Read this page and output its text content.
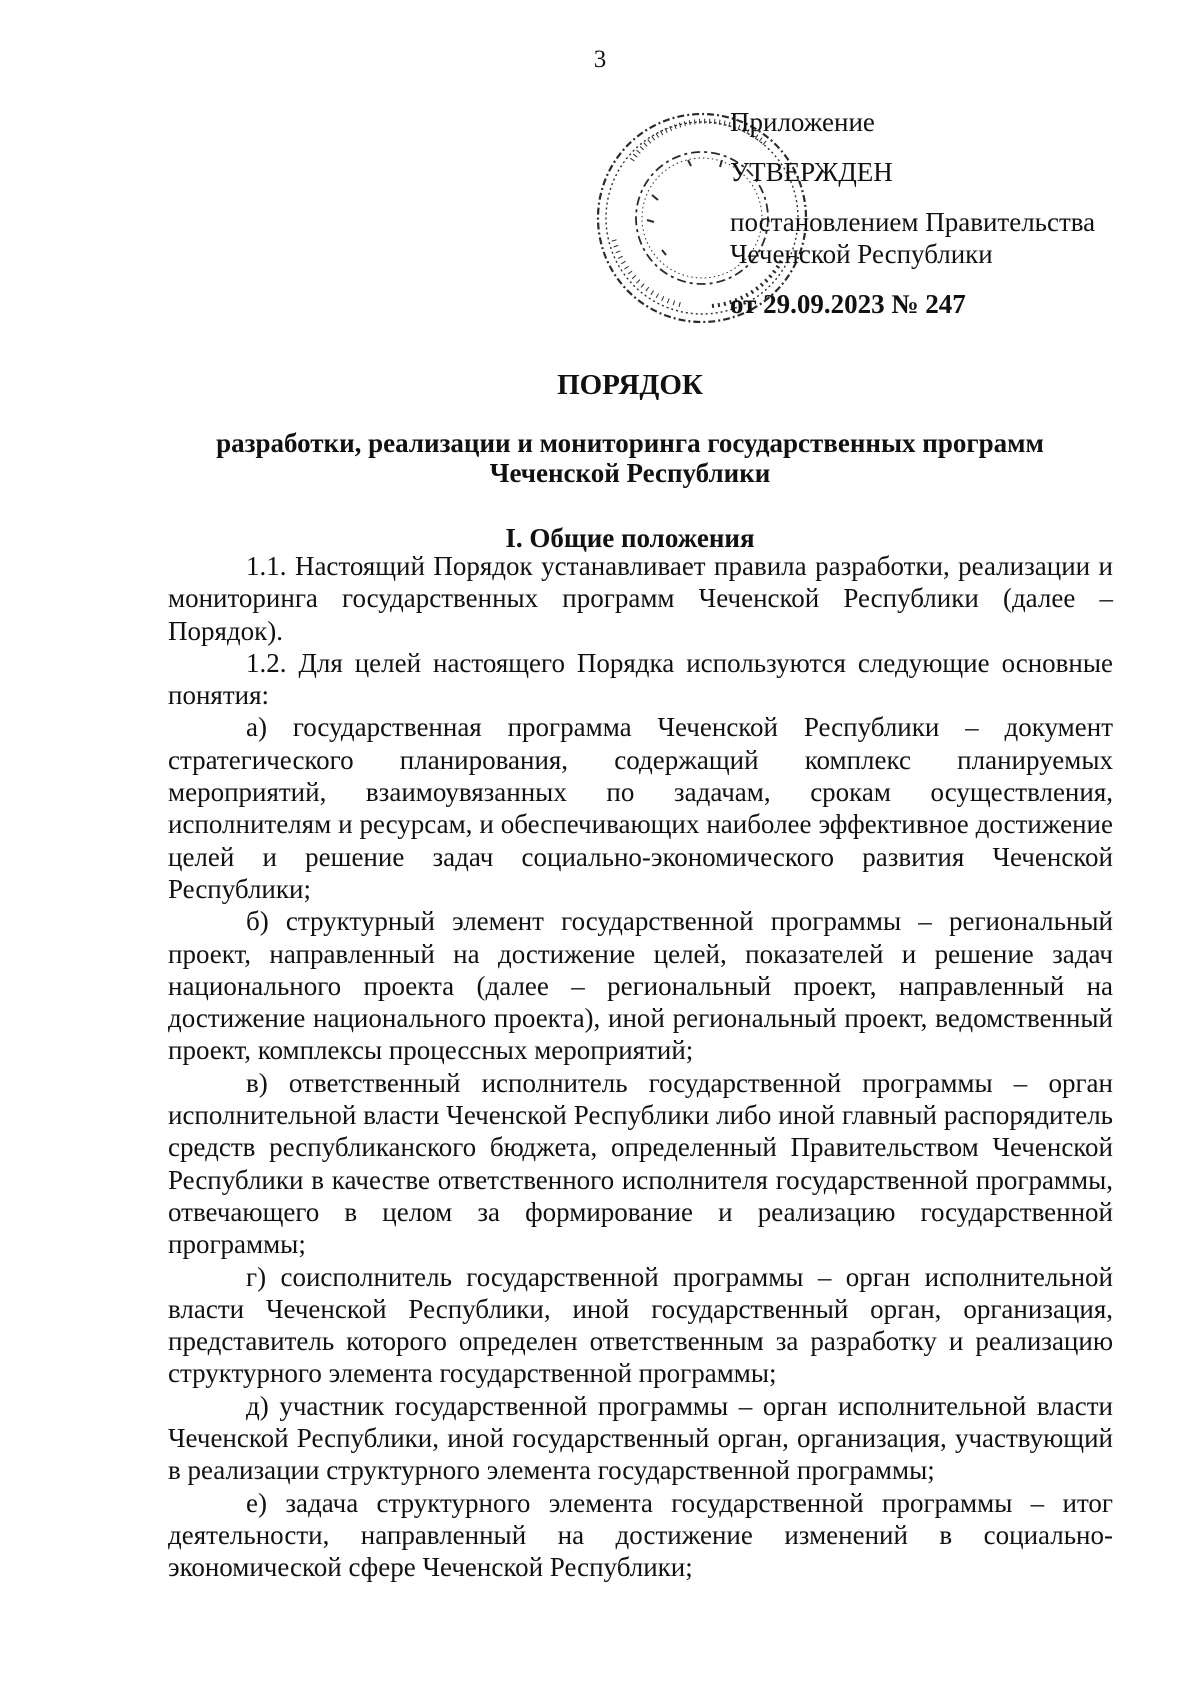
3
Приложение
УТВЕРЖДЕН
постановлением Правительства
Чеченской Республики
от 29.09.2023 № 247
ПОРЯДОК
разработки, реализации и мониторинга государственных программ Чеченской Республики
I. Общие положения

1.1. Настоящий Порядок устанавливает правила разработки, реализации и мониторинга государственных программ Чеченской Республики (далее – Порядок).

1.2. Для целей настоящего Порядка используются следующие основные понятия:

а) государственная программа Чеченской Республики – документ стратегического планирования, содержащий комплекс планируемых мероприятий, взаимоувязанных по задачам, срокам осуществления, исполнителям и ресурсам, и обеспечивающих наиболее эффективное достижение целей и решение задач социально-экономического развития Чеченской Республики;

б) структурный элемент государственной программы – региональный проект, направленный на достижение целей, показателей и решение задач национального проекта (далее – региональный проект, направленный на достижение национального проекта), иной региональный проект, ведомственный проект, комплексы процессных мероприятий;

в) ответственный исполнитель государственной программы – орган исполнительной власти Чеченской Республики либо иной главный распорядитель средств республиканского бюджета, определенный Правительством Чеченской Республики в качестве ответственного исполнителя государственной программы, отвечающего в целом за формирование и реализацию государственной программы;

г) соисполнитель государственной программы – орган исполнительной власти Чеченской Республики, иной государственный орган, организация, представитель которого определен ответственным за разработку и реализацию структурного элемента государственной программы;

д) участник государственной программы – орган исполнительной власти Чеченской Республики, иной государственный орган, организация, участвующий в реализации структурного элемента государственной программы;

е) задача структурного элемента государственной программы – итог деятельности, направленный на достижение изменений в социально-экономической сфере Чеченской Республики;
